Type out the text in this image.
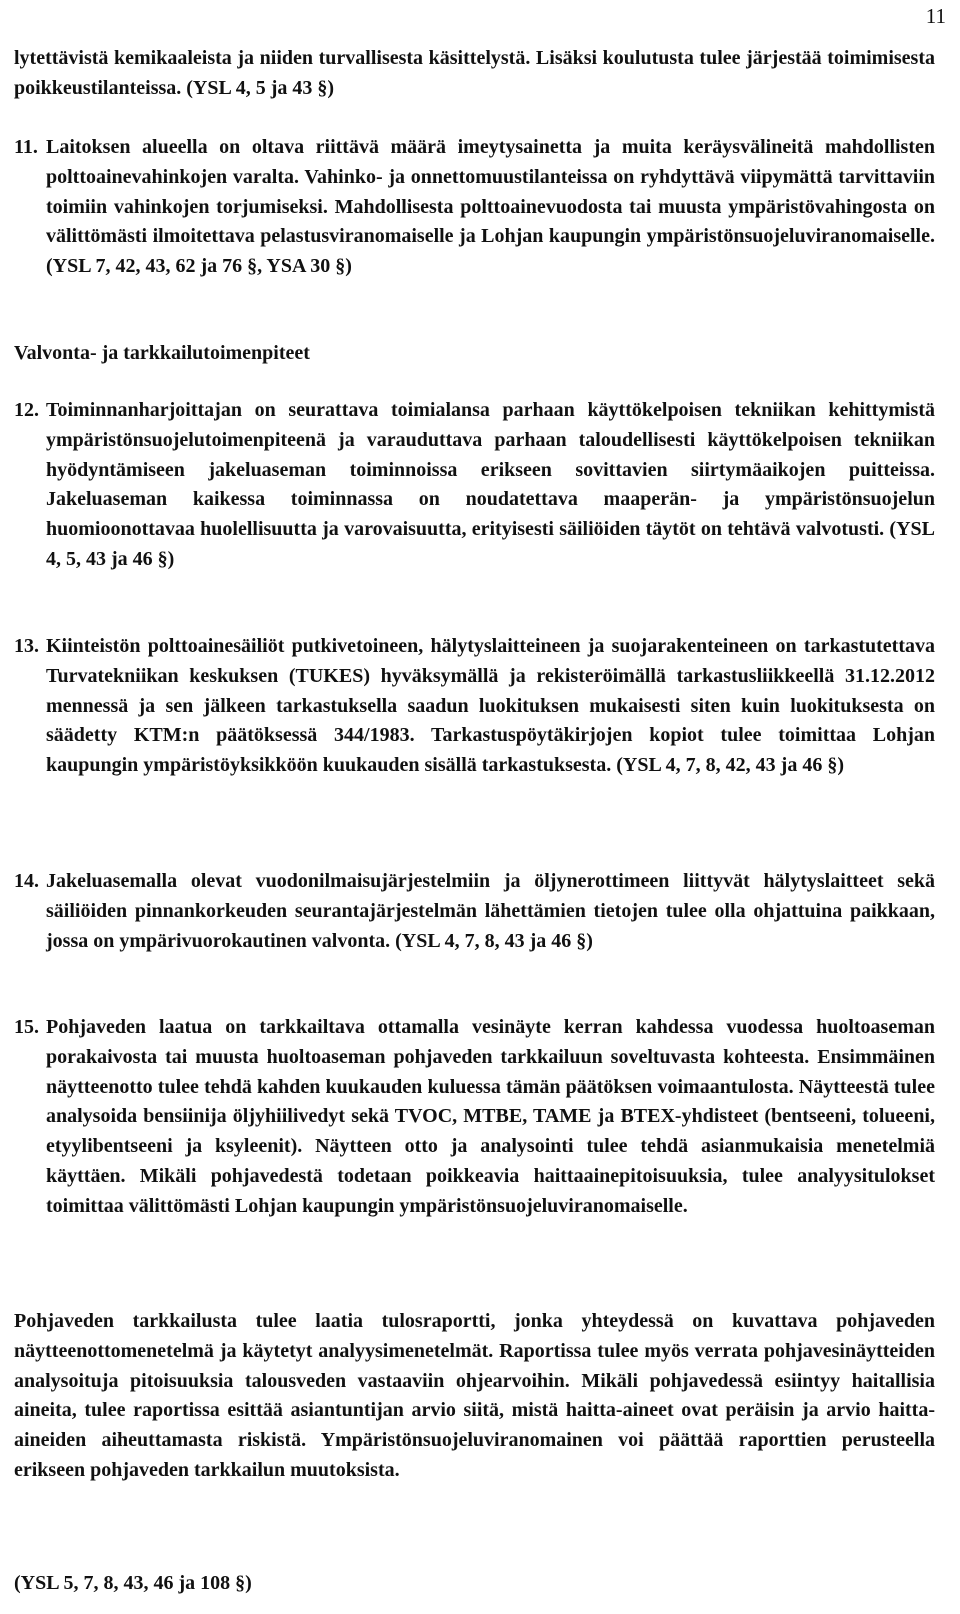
11

lytettävistä kemikaaleista ja niiden turvallisesta käsittelystä. Lisäksi koulutusta tulee järjestää toimimisesta poikkeustilanteissa. (YSL 4, 5 ja 43 §)

11. Laitoksen alueella on oltava riittävä määrä imeytysainetta ja muita keräysvälineitä mahdollisten polttoainevahinkojen varalta. Vahinko- ja onnettomuustilanteissa on ryhdyttävä viipymättä tarvittaviin toimiin vahinkojen torjumiseksi. Mahdollisesta polttoainevuodosta tai muusta ympäristövahingosta on välittömästi ilmoitettava pelastusviranomaiselle ja Lohjan kaupungin ympäristönsuojeluviranomaiselle. (YSL 7, 42, 43, 62 ja 76 §, YSA 30 §)

Valvonta- ja tarkkailutoimenpiteet

12. Toiminnanharjoittajan on seurattava toimialansa parhaan käyttökelpoisen tekniikan kehittymistä ympäristönsuojelutoimenpiteenä ja varauduttava parhaan taloudellisesti käyttökelpoisen tekniikan hyödyntämiseen jakeluaseman toiminnoissa erikseen sovittavien siirtymäaikojen puitteissa. Jakeluaseman kaikessa toiminnassa on noudatettava maaperän- ja ympäristönsuojelun huomioonottavaa huolellisuutta ja varovaisuutta, erityisesti säiliöiden täytöt on tehtävä valvotusti. (YSL 4, 5, 43 ja 46 §)
13. Kiinteistön polttoainesäiliöt putkivetoineen, hälytyslaitteineen ja suojarakenteineen on tarkastutettava Turvatekniikan keskuksen (TUKES) hyväksymällä ja rekisteröimällä tarkastusliikkeellä 31.12.2012 mennessä ja sen jälkeen tarkastuksella saadun luokituksen mukaisesti siten kuin luokituksesta on säädetty KTM:n päätöksessä 344/1983. Tarkastuspöytäkirjojen kopiot tulee toimittaa Lohjan kaupungin ympäristöyksikköön kuukauden sisällä tarkastuksesta. (YSL 4, 7, 8, 42, 43 ja 46 §)
14. Jakeluasemalla olevat vuodonilmaisujärjestelmiin ja öljynerottimeen liittyvät hälytyslaitteet sekä säiliöiden pinnankorkeuden seurantajärjestelmän lähettämien tietojen tulee olla ohjattuina paikkaan, jossa on ympärivuorokautinen valvonta. (YSL 4, 7, 8, 43 ja 46 §)
15. Pohjaveden laatua on tarkkailtava ottamalla vesinäyte kerran kahdessa vuodessa huoltoaseman porakaivosta tai muusta huoltoaseman pohjaveden tarkkailuun soveltuvasta kohteesta. Ensimmäinen näytteenotto tulee tehdä kahden kuukauden kuluessa tämän päätöksen voimaantulosta. Näytteestä tulee analysoida bensiinija öljyhiilivedyt sekä TVOC, MTBE, TAME ja BTEX-yhdisteet (bentseeni, tolueeni, etyylibentseeni ja ksyleenit). Näytteen otto ja analysointi tulee tehdä asianmukaisia menetelmiä käyttäen. Mikäli pohjavedestä todetaan poikkeavia haittaainepitoisuuksia, tulee analyysitulokset toimittaa välittömästi Lohjan kaupungin ympäristönsuojeluviranomaiselle.

Pohjaveden tarkkailusta tulee laatia tulosraportti, jonka yhteydessä on kuvattava pohjaveden näytteenottomenetelmä ja käytetyt analyysimenetelmät. Raportissa tulee myös verrata pohjavesinäytteiden analysoituja pitoisuuksia talousveden vastaaviin ohjearvoihin. Mikäli pohjavedessä esiintyy haitallisia aineita, tulee raportissa esittää asiantuntijan arvio siitä, mistä haitta-aineet ovat peräisin ja arvio haitta-aineiden aiheuttamasta riskistä. Ympäristönsuojeluviranomainen voi päättää raporttien perusteella erikseen pohjaveden tarkkailun muutoksista.

(YSL 5, 7, 8, 43, 46 ja 108 §)
